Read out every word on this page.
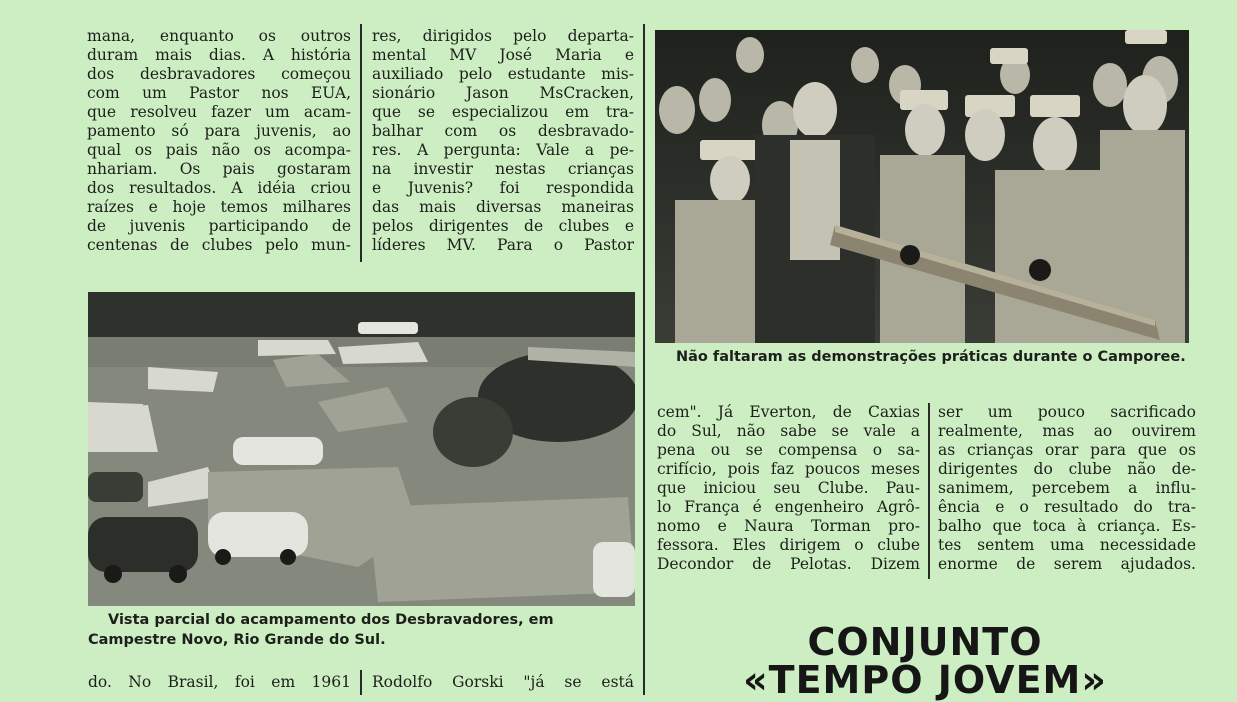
mana, enquanto os outros
duram mais dias. A história
dos desbravadores começou
com um Pastor nos EUA,
que resolveu fazer um acam-
pamento só para juvenis, ao
qual os pais não os acompa-
nhariam. Os pais gostaram
dos resultados. A idéia criou
raízes e hoje temos milhares
de juvenis participando de
centenas de clubes pelo mun-
res, dirigidos pelo departa-
mental MV José Maria e
auxiliado pelo estudante mis-
sionário Jason MsCracken,
que se especializou em tra-
balhar com os desbravado-
res. A pergunta: Vale a pe-
na investir nestas crianças
e Juvenis? foi respondida
das mais diversas maneiras
pelos dirigentes de clubes e
líderes MV. Para o Pastor
Não faltaram as demonstrações práticas durante o Camporee.
Vista parcial do acampamento dos Desbravadores, em Campestre Novo, Rio Grande do Sul.
cem". Já Everton, de Caxias
do Sul, não sabe se vale a
pena ou se compensa o sa-
crifício, pois faz poucos meses
que iniciou seu Clube. Pau-
lo França é engenheiro Agrô-
nomo e Naura Torman pro-
fessora. Eles dirigem o clube
Decondor de Pelotas. Dizem
ser um pouco sacrificado
realmente, mas ao ouvirem
as crianças orar para que os
dirigentes do clube não de-
sanimem, percebem a influ-
ência e o resultado do tra-
balho que toca à criança. Es-
tes sentem uma necessidade
enorme de serem ajudados.
do. No Brasil, foi em 1961 Rodolfo Gorski "já se está
CONJUNTO
«TEMPO JOVEM»
